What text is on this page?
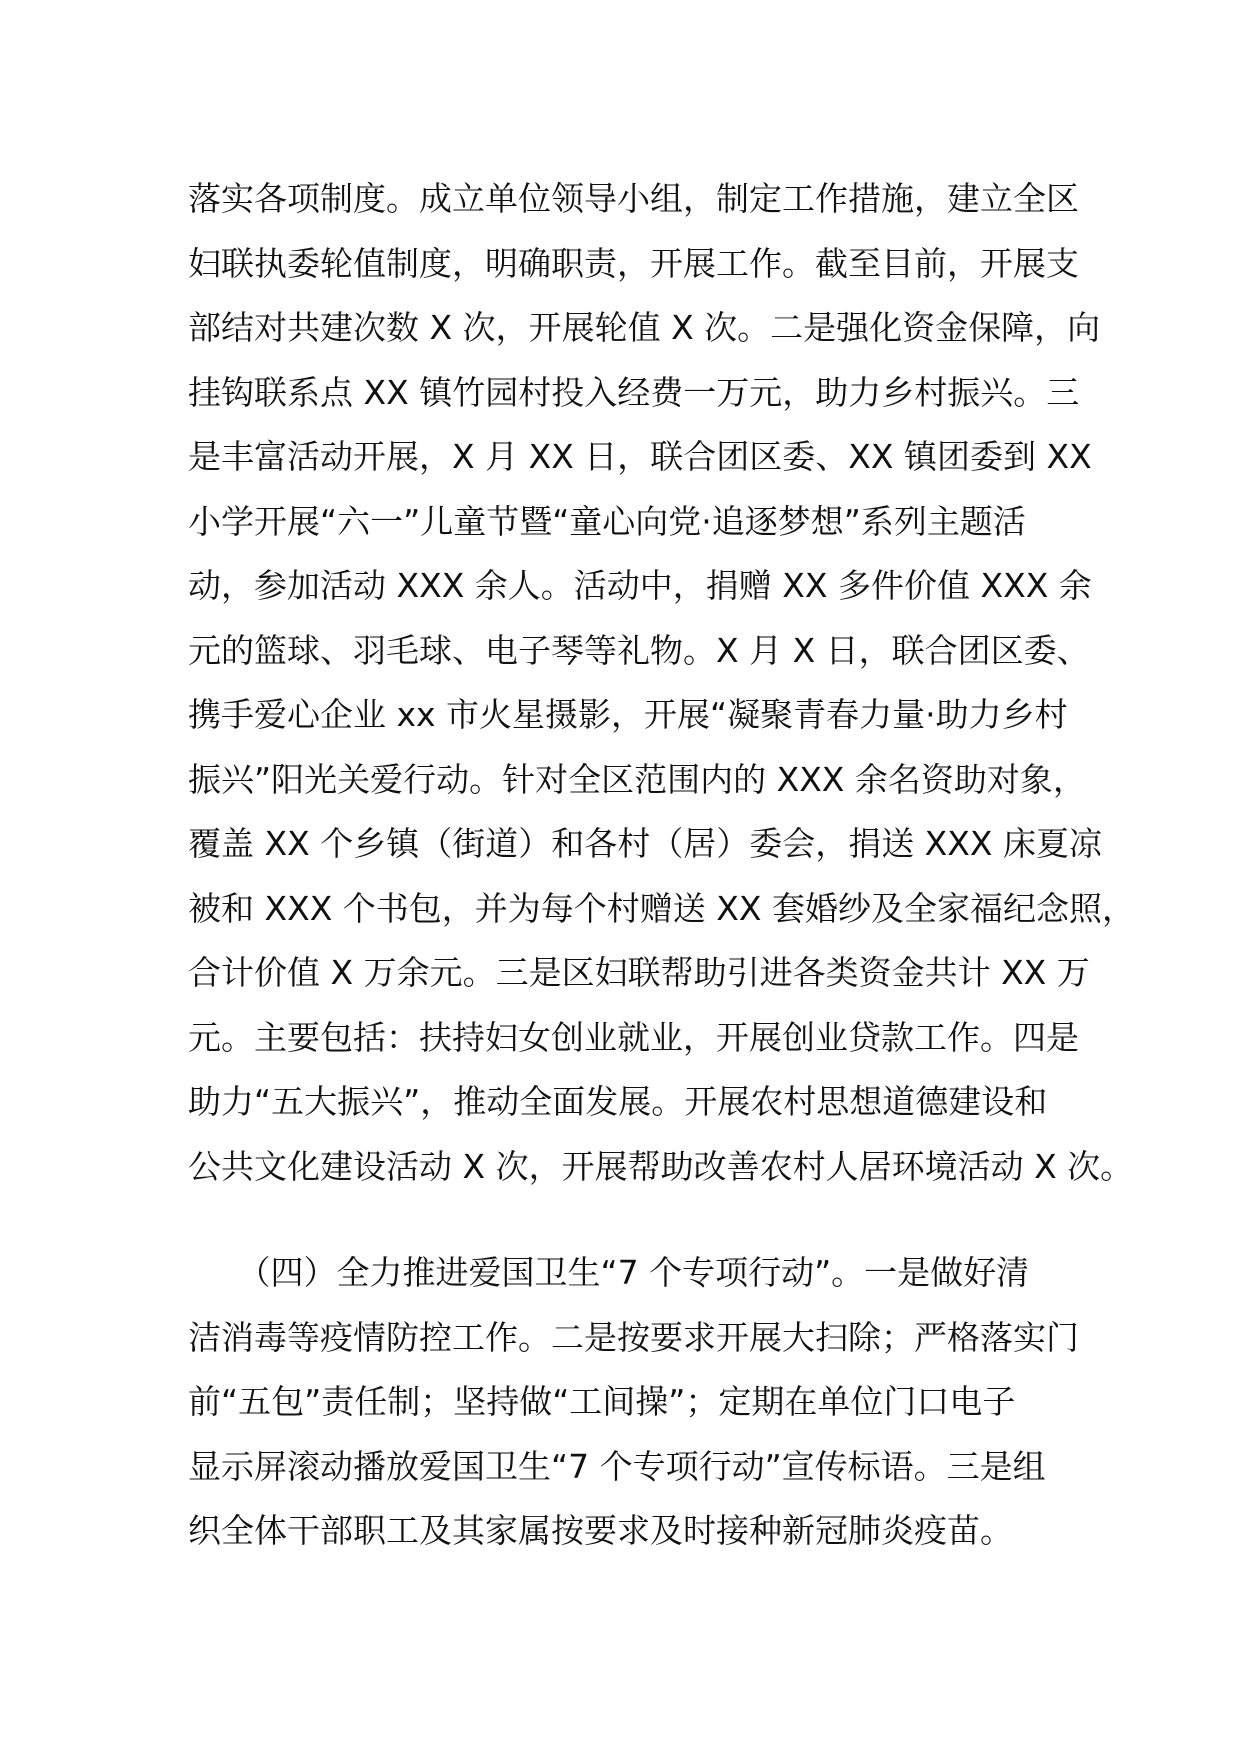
落实各项制度。成立单位领导小组，制定工作措施，建立全区
妇联执委轮值制度，明确职责，开展工作。截至目前，开展支
部结对共建次数 X 次，开展轮值 X 次。二是强化资金保障，向
挂钩联系点 XX 镇竹园村投入经费一万元，助力乡村振兴。三
是丰富活动开展，X 月 XX 日，联合团区委、XX 镇团委到 XX
小学开展“六一”儿童节暨“童心向党·追逐梦想”系列主题活
动，参加活动 XXX 余人。活动中，捐赠 XX 多件价值 XXX 余
元的篮球、羽毛球、电子琴等礼物。X 月 X 日，联合团区委、
携手爱心企业 xx 市火星摄影，开展“凝聚青春力量·助力乡村
振兴”阳光关爱行动。针对全区范围内的 XXX 余名资助对象，
覆盖 XX 个乡镇（街道）和各村（居）委会，捐送 XXX 床夏凉
被和 XXX 个书包，并为每个村赠送 XX 套婚纱及全家福纪念照，
合计价值 X 万余元。三是区妇联帮助引进各类资金共计 XX 万
元。主要包括：扶持妇女创业就业，开展创业贷款工作。四是
助力“五大振兴”，推动全面发展。开展农村思想道德建设和
公共文化建设活动 X 次，开展帮助改善农村人居环境活动 X 次。

　　（四）全力推进爱国卫生“7 个专项行动”。一是做好清
洁消毒等疫情防控工作。二是按要求开展大扫除；严格落实门
前“五包”责任制；坚持做“工间操”；定期在单位门口电子
显示屏滚动播放爱国卫生“7 个专项行动”宣传标语。三是组
织全体干部职工及其家属按要求及时接种新冠肺炎疫苗。
